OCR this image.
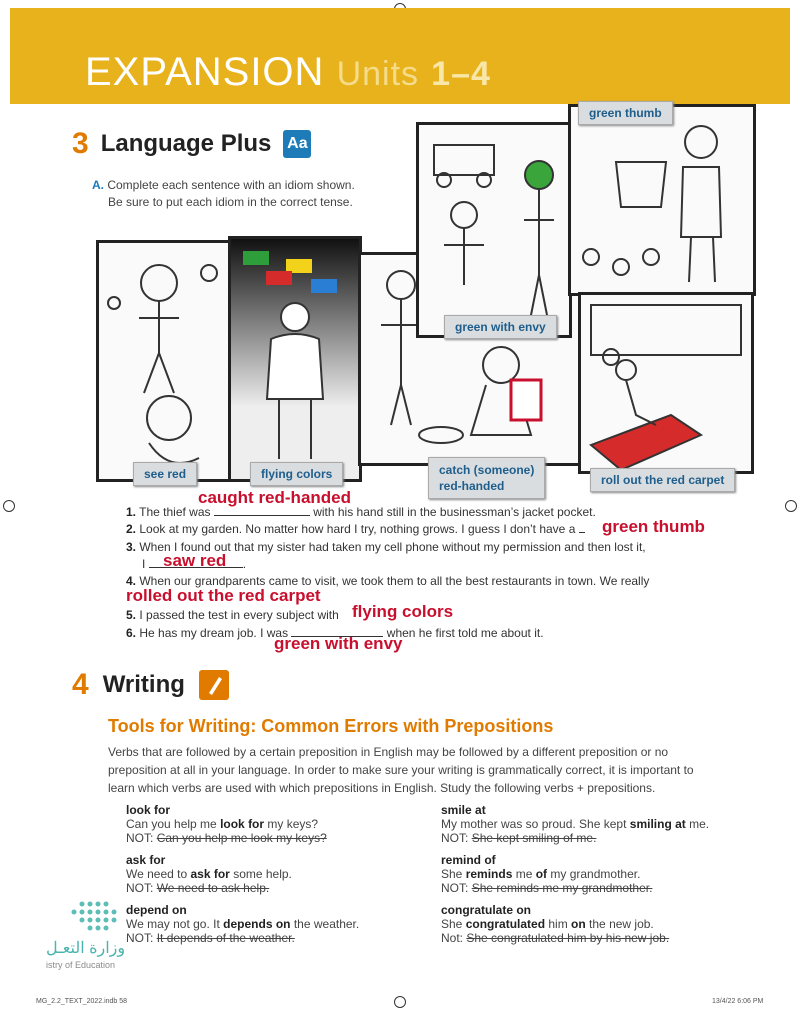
EXPANSION Units 1–4
3 Language Plus Aa
A. Complete each sentence with an idiom shown.
Be sure to put each idiom in the correct tense.
green thumb
green with envy
see red	flying colors	catch (someone)
red-handed	roll out the red carpet
caught red-handed
1. The thief was	with his hand still in the businessman’s jacket pocket.
2. Look at my garden. No matter how hard I try, nothing grows. I guess I don’t have a	green thumb
3. When I found out that my sister had taken my cell phone without my permission and then lost it,
I	.
saw red
4. When our grandparents came to visit, we took them to all the best restaurants in town. We really
rolled out the red carpet
5. I passed the test in every subject with flying colors
6. He has my dream job. I was	when he first told me about it.
green with envy
4 Writing
Tools for Writing: Common Errors with Prepositions
Verbs that are followed by a certain preposition in English may be followed by a different preposition or no preposition at all in your language. In order to make sure your writing is grammatically correct, it is important to learn which verbs are used with which prepositions in English. Study the following verbs + prepositions.
look for
Can you help me look for my keys?
NOT: Can you help me look my keys?
ask for
We need to ask for some help.
NOT: We need to ask help.
depend on
We may not go. It depends on the weather.
NOT: It depends of the weather.
smile at
My mother was so proud. She kept smiling at me.
NOT: She kept smiling of me.
remind of
She reminds me of my grandmother.
NOT: She reminds me my grandmother.
congratulate on
She congratulated him on the new job.
Not: She congratulated him by his new job.
وزارة التعـل
istry of Education
MG_2.2_TEXT_2022.indb 58	13/4/22 6:06 PM
